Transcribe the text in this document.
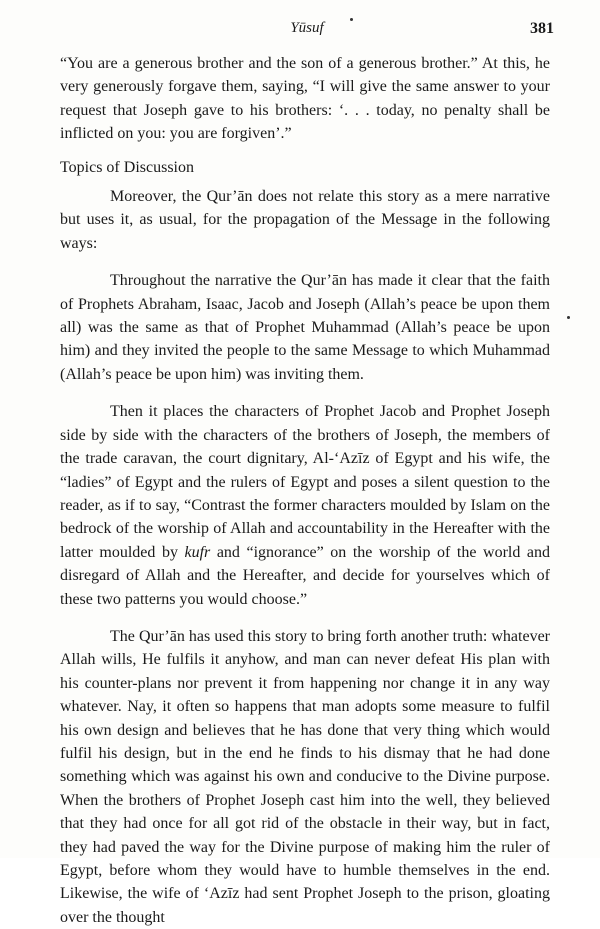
Yūsuf	381

“You are a generous brother and the son of a generous brother.” At this, he very generously forgave them, saying, “I will give the same answer to your request that Joseph gave to his brothers: ‘. . . today, no penalty shall be inflicted on you: you are forgiven’.”

Topics of Discussion

Moreover, the Qur’ān does not relate this story as a mere narrative but uses it, as usual, for the propagation of the Message in the following ways:

Throughout the narrative the Qur’ān has made it clear that the faith of Prophets Abraham, Isaac, Jacob and Joseph (Allah’s peace be upon them all) was the same as that of Prophet Muhammad (Allah’s peace be upon him) and they invited the people to the same Message to which Muhammad (Allah’s peace be upon him) was inviting them.

Then it places the characters of Prophet Jacob and Prophet Joseph side by side with the characters of the brothers of Joseph, the members of the trade caravan, the court dignitary, Al-‘Azīz of Egypt and his wife, the “ladies” of Egypt and the rulers of Egypt and poses a silent question to the reader, as if to say, “Contrast the former characters moulded by Islam on the bedrock of the worship of Allah and accountability in the Hereafter with the latter moulded by kufr and “ignorance” on the worship of the world and disregard of Allah and the Hereafter, and decide for yourselves which of these two patterns you would choose.”

The Qur’ān has used this story to bring forth another truth: whatever Allah wills, He fulfils it anyhow, and man can never defeat His plan with his counter-plans nor prevent it from happening nor change it in any way whatever. Nay, it often so happens that man adopts some measure to fulfil his own design and believes that he has done that very thing which would fulfil his design, but in the end he finds to his dismay that he had done something which was against his own and conducive to the Divine purpose. When the brothers of Prophet Joseph cast him into the well, they believed that they had once for all got rid of the obstacle in their way, but in fact, they had paved the way for the Divine purpose of making him the ruler of Egypt, before whom they would have to humble themselves in the end. Likewise, the wife of ‘Azīz had sent Prophet Joseph to the prison, gloating over the thought
